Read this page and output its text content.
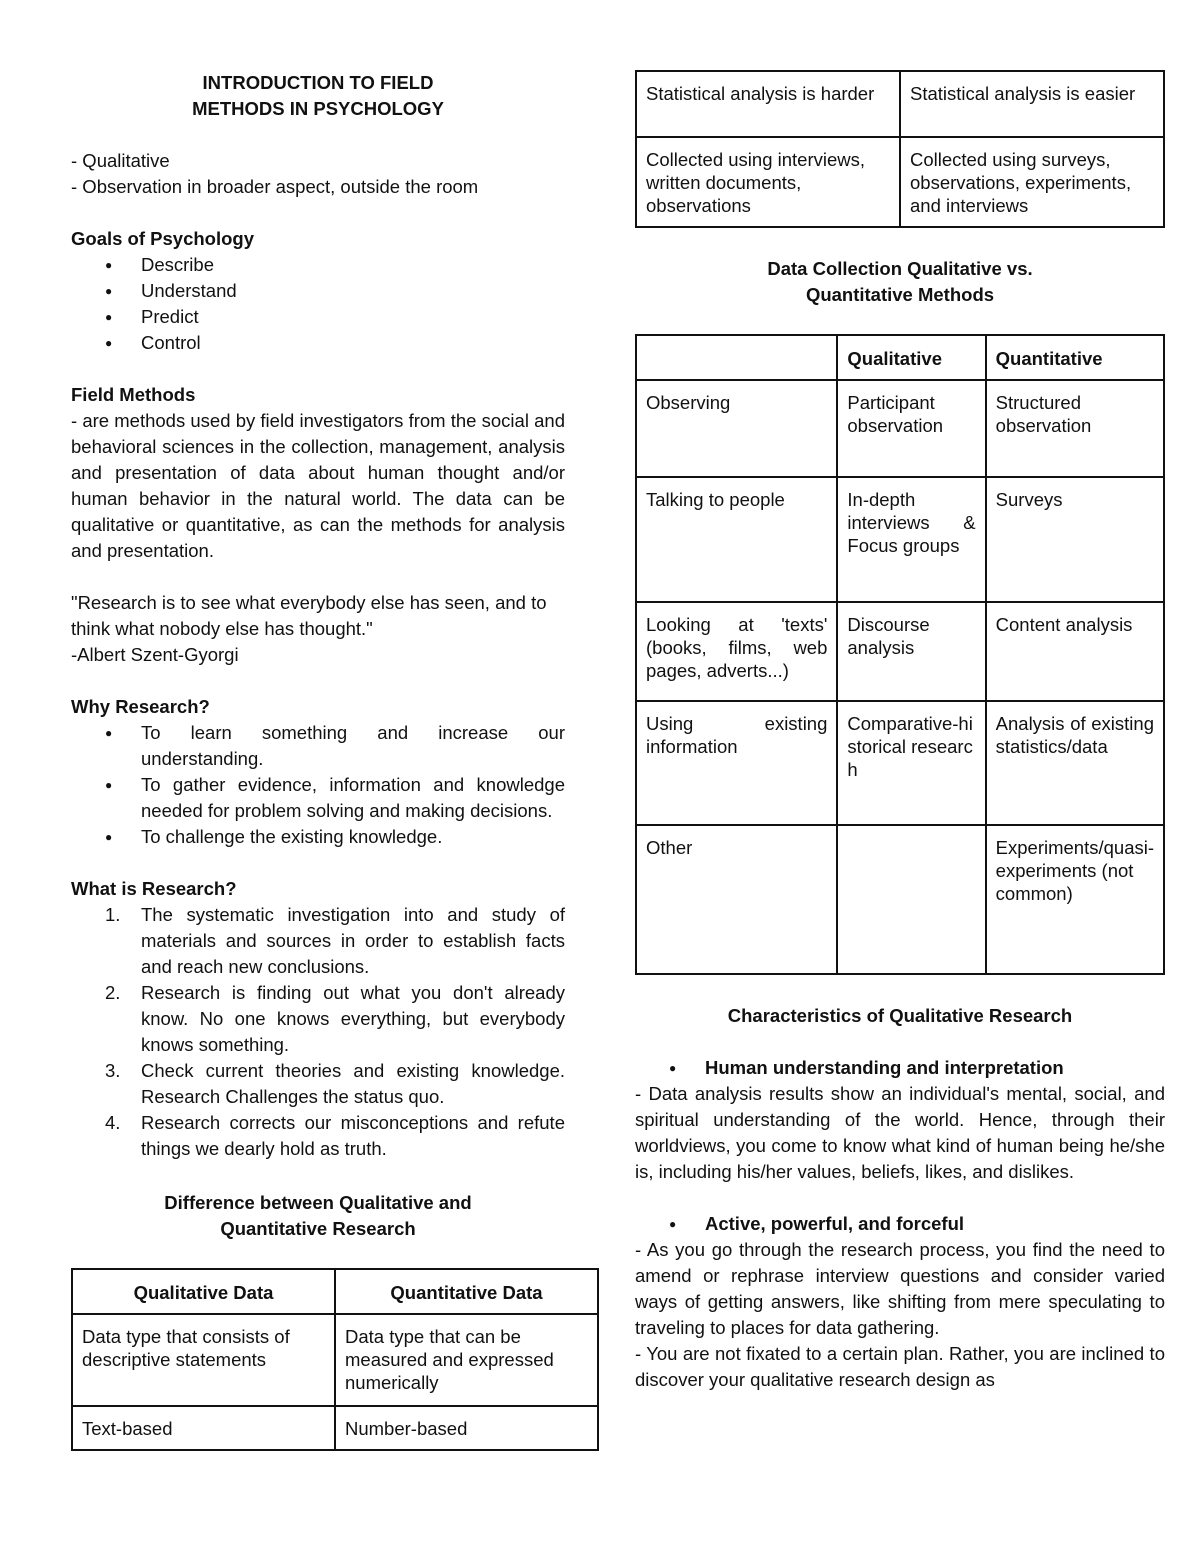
INTRODUCTION TO FIELD

METHODS IN PSYCHOLOGY

- Qualitative

- Observation in broader aspect, outside the room

Goals of Psychology

●	Describe
●	Understand
●	Predict
●	Control

Field Methods

- are methods used by field investigators from the social and behavioral sciences in the collection, management, analysis and presentation of data about human thought and/or human behavior in the natural world. The data can be qualitative or quantitative, as can the methods for analysis and presentation.

"Research is to see what everybody else has seen, and to think what nobody else has thought."

-Albert Szent-Gyorgi

Why Research?

●	To learn something and increase our understanding.
●	To gather evidence, information and knowledge needed for problem solving and making decisions.
●	To challenge the existing knowledge.

What is Research?

1. The systematic investigation into and study of materials and sources in order to establish facts and reach new conclusions.
2. Research is finding out what you don't already know. No one knows everything, but everybody knows something.
3. Check current theories and existing knowledge. Research Challenges the status quo.
4. Research corrects our misconceptions and refute things we dearly hold as truth.

Difference between Qualitative and

Quantitative Research

Qualitative Data	Quantitative Data
Data type that consists of descriptive statements	Data type that can be measured and expressed numerically
Text-based	Number-based
Statistical analysis is harder	Statistical analysis is easier
Collected using interviews, written documents, observations	Collected using surveys, observations, experiments, and interviews

Data Collection Qualitative vs.

Quantitative Methods

	Qualitative	Quantitative
Observing	Participant observation	Structured observation
Talking to people	In-depth interviews & Focus groups	Surveys
Looking at 'texts' (books, films, web pages, adverts...)	Discourse analysis	Content analysis
Using existing information	Comparative-historical research	Analysis of existing statistics/data
Other		Experiments/quasi-experiments (not common)

Characteristics of Qualitative Research

● Human understanding and interpretation

- Data analysis results show an individual's mental, social, and spiritual understanding of the world. Hence, through their worldviews, you come to know what kind of human being he/she is, including his/her values, beliefs, likes, and dislikes.

● Active, powerful, and forceful

- As you go through the research process, you find the need to amend or rephrase interview questions and consider varied ways of getting answers, like shifting from mere speculating to traveling to places for data gathering.

- You are not fixated to a certain plan. Rather, you are inclined to discover your qualitative research design as
